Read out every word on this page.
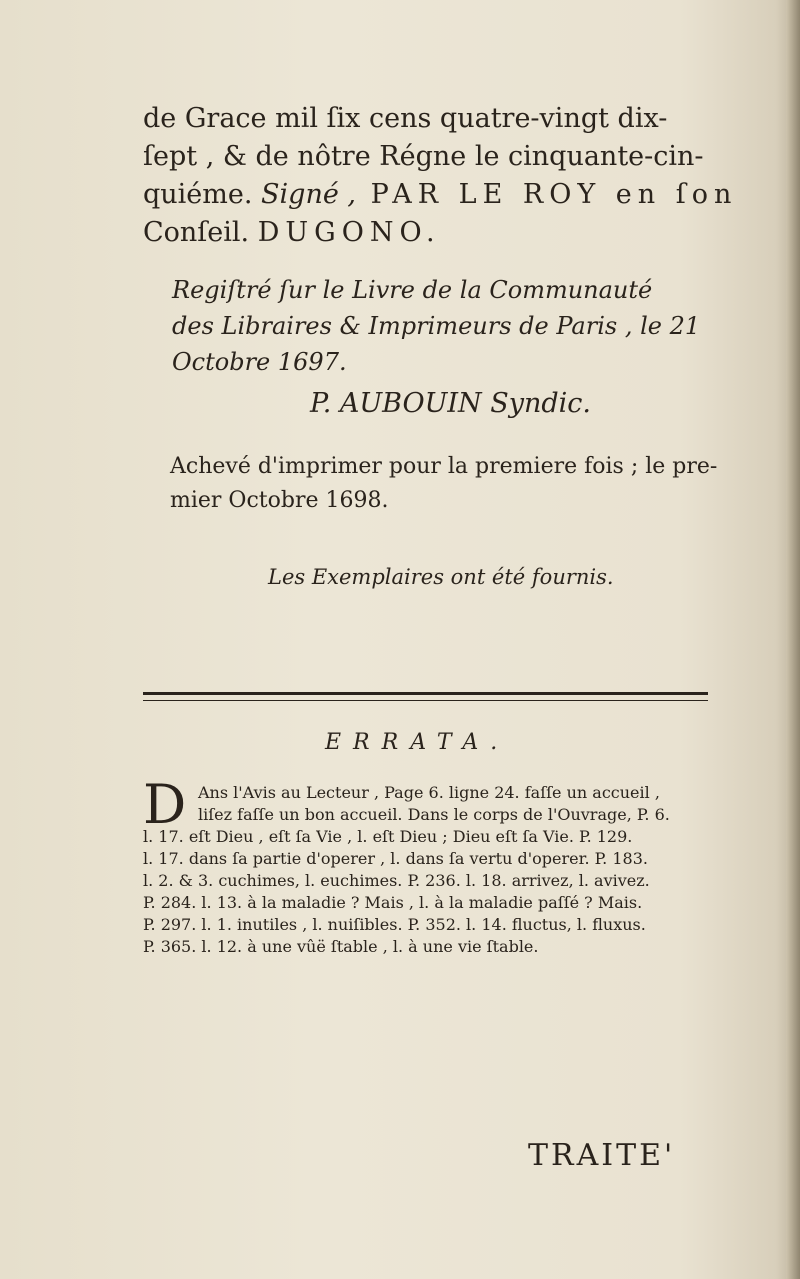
de Grace mil ſix cens quatre-vingt dix-
ſept , & de nôtre Régne le cinquante-cin-
quiéme. Signé , PAR LE ROY en ſon
Conſeil. DUGONO.
Regiſtré ſur le Livre de la Communauté
des Libraires & Imprimeurs de Paris , le 21
Octobre 1697.
P. AUBOUIN Syndic.
Achevé d'imprimer pour la premiere fois ; le pre-
mier Octobre 1698.
Les Exemplaires ont été fournis.
ERRATA.
D Ans l'Avis au Lecteur , Page 6. ligne 24. faſſe un accueil ,
liſez faſſe un bon accueil. Dans le corps de l'Ouvrage, P. 6.
l. 17. eſt Dieu , eſt ſa Vie , l. eſt Dieu ; Dieu eſt ſa Vie. P. 129.
l. 17. dans ſa partie d'operer , l. dans ſa vertu d'operer. P. 183.
l. 2. & 3. cuchimes, l. euchimes. P. 236. l. 18. arrivez, l. avivez.
P. 284. l. 13. à la maladie ? Mais , l. à la maladie paſſé ? Mais.
P. 297. l. 1. inutiles , l. nuiſibles. P. 352. l. 14. fluctus, l. fluxus.
P. 365. l. 12. à une vûë ſtable , l. à une vie ſtable.
TRAITE'
